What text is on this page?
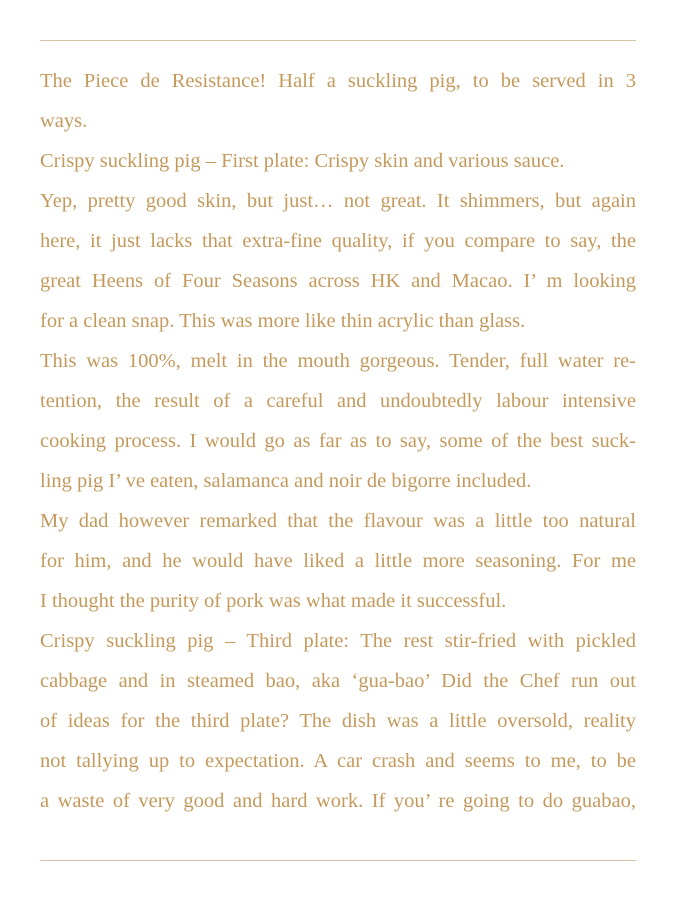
The Piece de Resistance! Half a suckling pig, to be served in 3
ways.
Crispy suckling pig – First plate: Crispy skin and various sauce.
Yep, pretty good skin, but just… not great. It shimmers, but again
here, it just lacks that extra-fine quality, if you compare to say, the
great Heens of Four Seasons across HK and Macao. I’ m looking
for a clean snap. This was more like thin acrylic than glass.
This was 100%, melt in the mouth gorgeous. Tender, full water re-
tention, the result of a careful and undoubtedly labour intensive
cooking process. I would go as far as to say, some of the best suck-
ling pig I’ ve eaten, salamanca and noir de bigorre included.
My dad however remarked that the flavour was a little too natural
for him, and he would have liked a little more seasoning. For me
I thought the purity of pork was what made it successful.
Crispy suckling pig – Third plate: The rest stir-fried with pickled
cabbage and in steamed bao, aka ‘gua-bao’ Did the Chef run out
of ideas for the third plate? The dish was a little oversold, reality
not tallying up to expectation. A car crash and seems to me, to be
a waste of very good and hard work. If you’ re going to do guabao,
